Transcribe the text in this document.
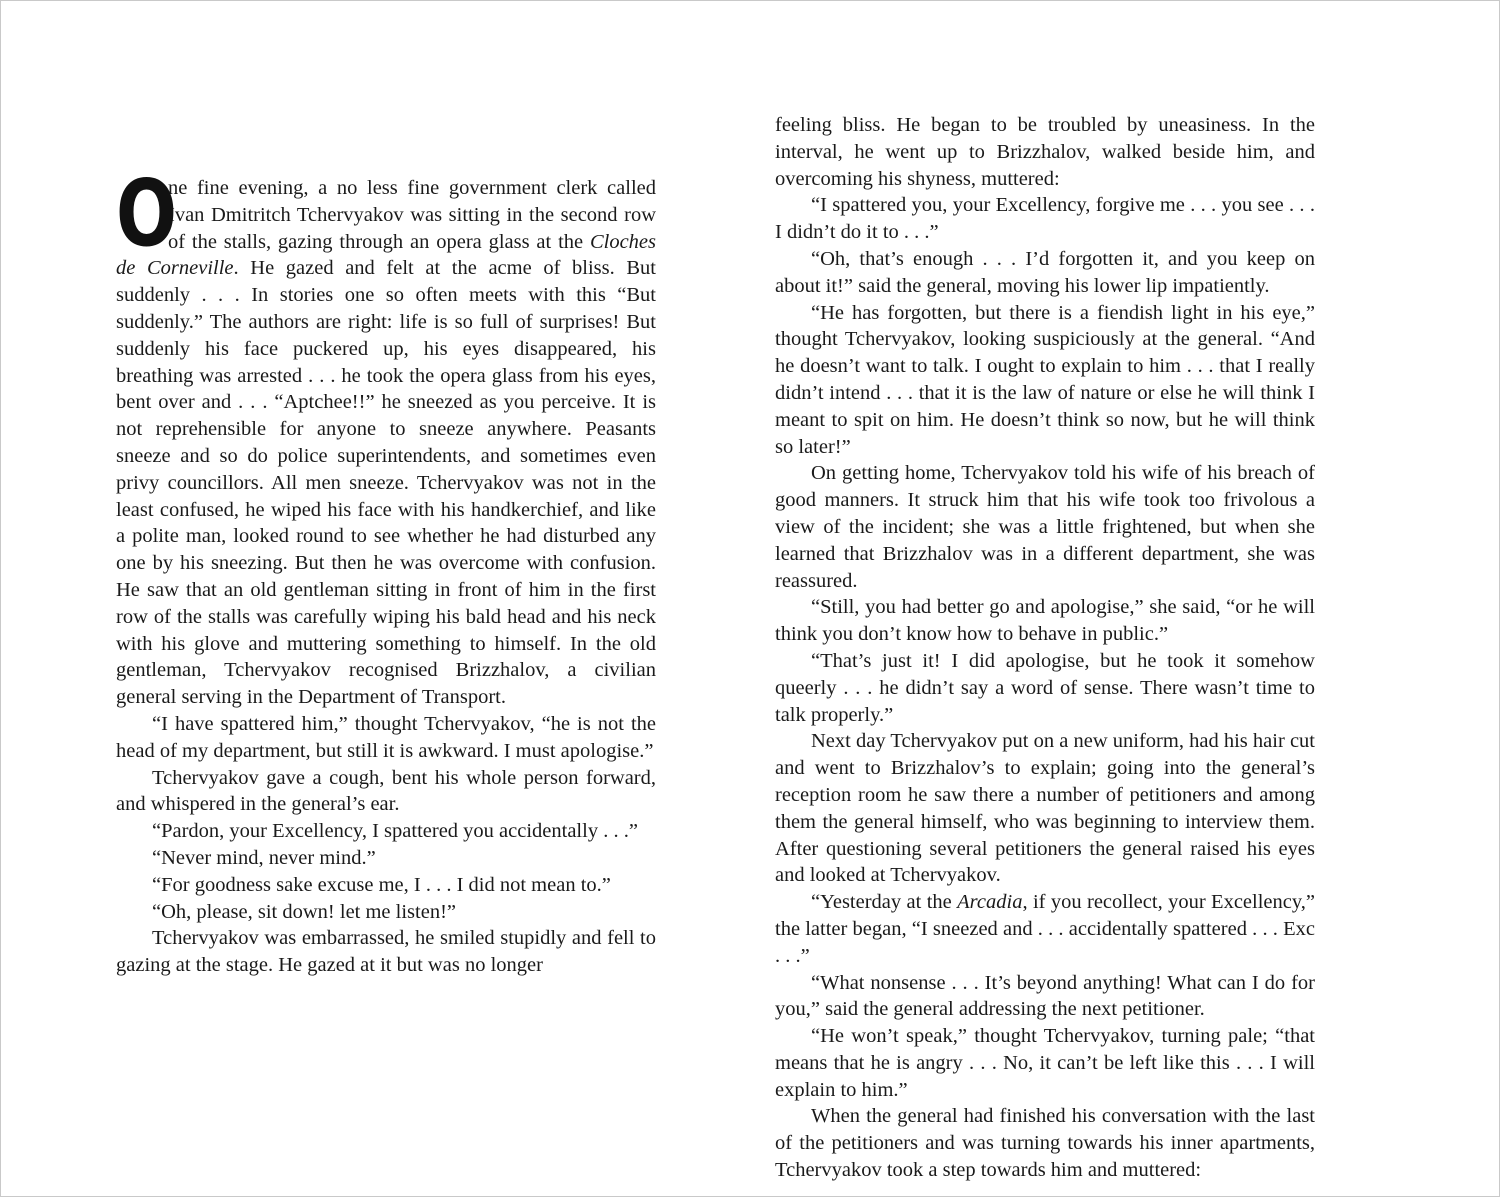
O
ne fine evening, a no less fine government clerk called Ivan Dmitritch Tchervyakov was sitting in the second row of the stalls, gazing through an opera glass at the Cloches de Corneville. He gazed and felt at the acme of bliss. But suddenly . . . In stories one so often meets with this “But suddenly.” The authors are right: life is so full of surprises! But suddenly his face puckered up, his eyes disappeared, his breathing was arrested . . . he took the opera glass from his eyes, bent over and . . . “Aptchee!!” he sneezed as you perceive. It is not reprehensible for anyone to sneeze anywhere. Peasants sneeze and so do police superintendents, and sometimes even privy councillors. All men sneeze. Tchervyakov was not in the least confused, he wiped his face with his handkerchief, and like a polite man, looked round to see whether he had disturbed any one by his sneezing. But then he was overcome with confusion. He saw that an old gentleman sitting in front of him in the first row of the stalls was carefully wiping his bald head and his neck with his glove and muttering something to himself. In the old gentleman, Tchervyakov recognised Brizzhalov, a civilian general serving in the Department of Transport.

“I have spattered him,” thought Tchervyakov, “he is not the head of my department, but still it is awkward. I must apologise.”

Tchervyakov gave a cough, bent his whole person forward, and whispered in the general’s ear.

“Pardon, your Excellency, I spattered you accidentally . . .”

“Never mind, never mind.”

“For goodness sake excuse me, I . . . I did not mean to.”

“Oh, please, sit down! let me listen!”

Tchervyakov was embarrassed, he smiled stupidly and fell to gazing at the stage. He gazed at it but was no longer

feeling bliss. He began to be troubled by uneasiness. In the interval, he went up to Brizzhalov, walked beside him, and overcoming his shyness, muttered:

“I spattered you, your Excellency, forgive me . . . you see . . . I didn’t do it to . . .”

“Oh, that’s enough . . . I’d forgotten it, and you keep on about it!” said the general, moving his lower lip impatiently.

“He has forgotten, but there is a fiendish light in his eye,” thought Tchervyakov, looking suspiciously at the general. “And he doesn’t want to talk. I ought to explain to him . . . that I really didn’t intend . . . that it is the law of nature or else he will think I meant to spit on him. He doesn’t think so now, but he will think so later!”

On getting home, Tchervyakov told his wife of his breach of good manners. It struck him that his wife took too frivolous a view of the incident; she was a little frightened, but when she learned that Brizzhalov was in a different department, she was reassured.

“Still, you had better go and apologise,” she said, “or he will think you don’t know how to behave in public.”

“That’s just it! I did apologise, but he took it somehow queerly . . . he didn’t say a word of sense. There wasn’t time to talk properly.”

Next day Tchervyakov put on a new uniform, had his hair cut and went to Brizzhalov’s to explain; going into the general’s reception room he saw there a number of petitioners and among them the general himself, who was beginning to interview them. After questioning several petitioners the general raised his eyes and looked at Tchervyakov.

“Yesterday at the Arcadia, if you recollect, your Excellency,” the latter began, “I sneezed and . . . accidentally spattered . . . Exc . . .”

“What nonsense . . . It’s beyond anything! What can I do for you,” said the general addressing the next petitioner.

“He won’t speak,” thought Tchervyakov, turning pale; “that means that he is angry . . . No, it can’t be left like this . . . I will explain to him.”

When the general had finished his conversation with the last of the petitioners and was turning towards his inner apartments, Tchervyakov took a step towards him and muttered:
